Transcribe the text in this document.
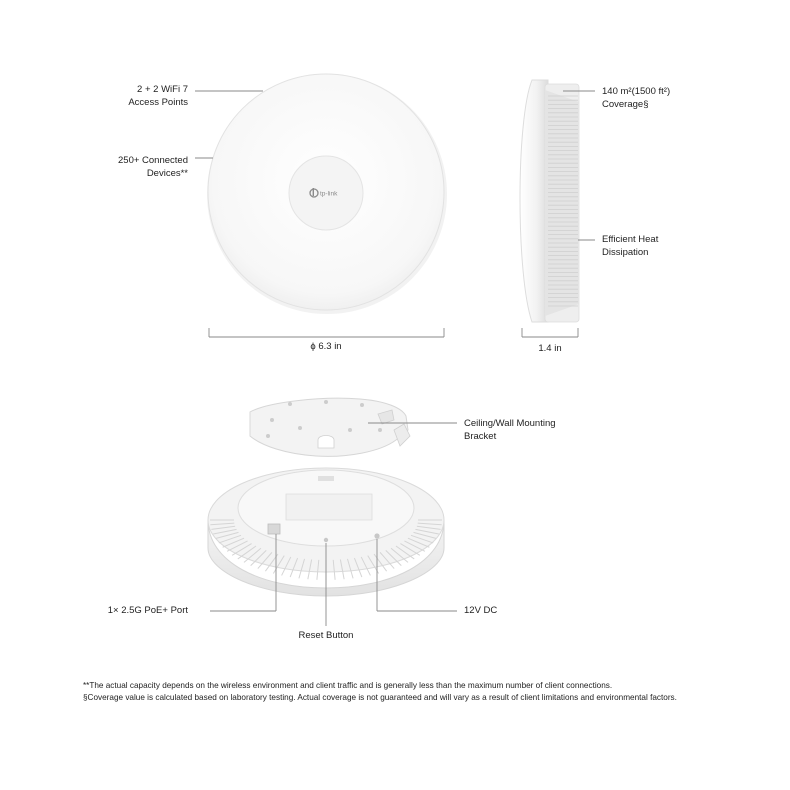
tp-link
2 + 2 WiFi 7
Access Points
250+ Connected
Devices**
140 m²(1500 ft²)
Coverage§
Efficient Heat
Dissipation
ϕ 6.3 in	1.4 in
Ceiling/Wall Mounting
Bracket
1× 2.5G PoE+ Port
Reset Button
12V DC
**The actual capacity depends on the wireless environment and client traffic and is generally less than the maximum number of client connections.
§Coverage value is calculated based on laboratory testing. Actual coverage is not guaranteed and will vary as a result of client limitations and environmental factors.
